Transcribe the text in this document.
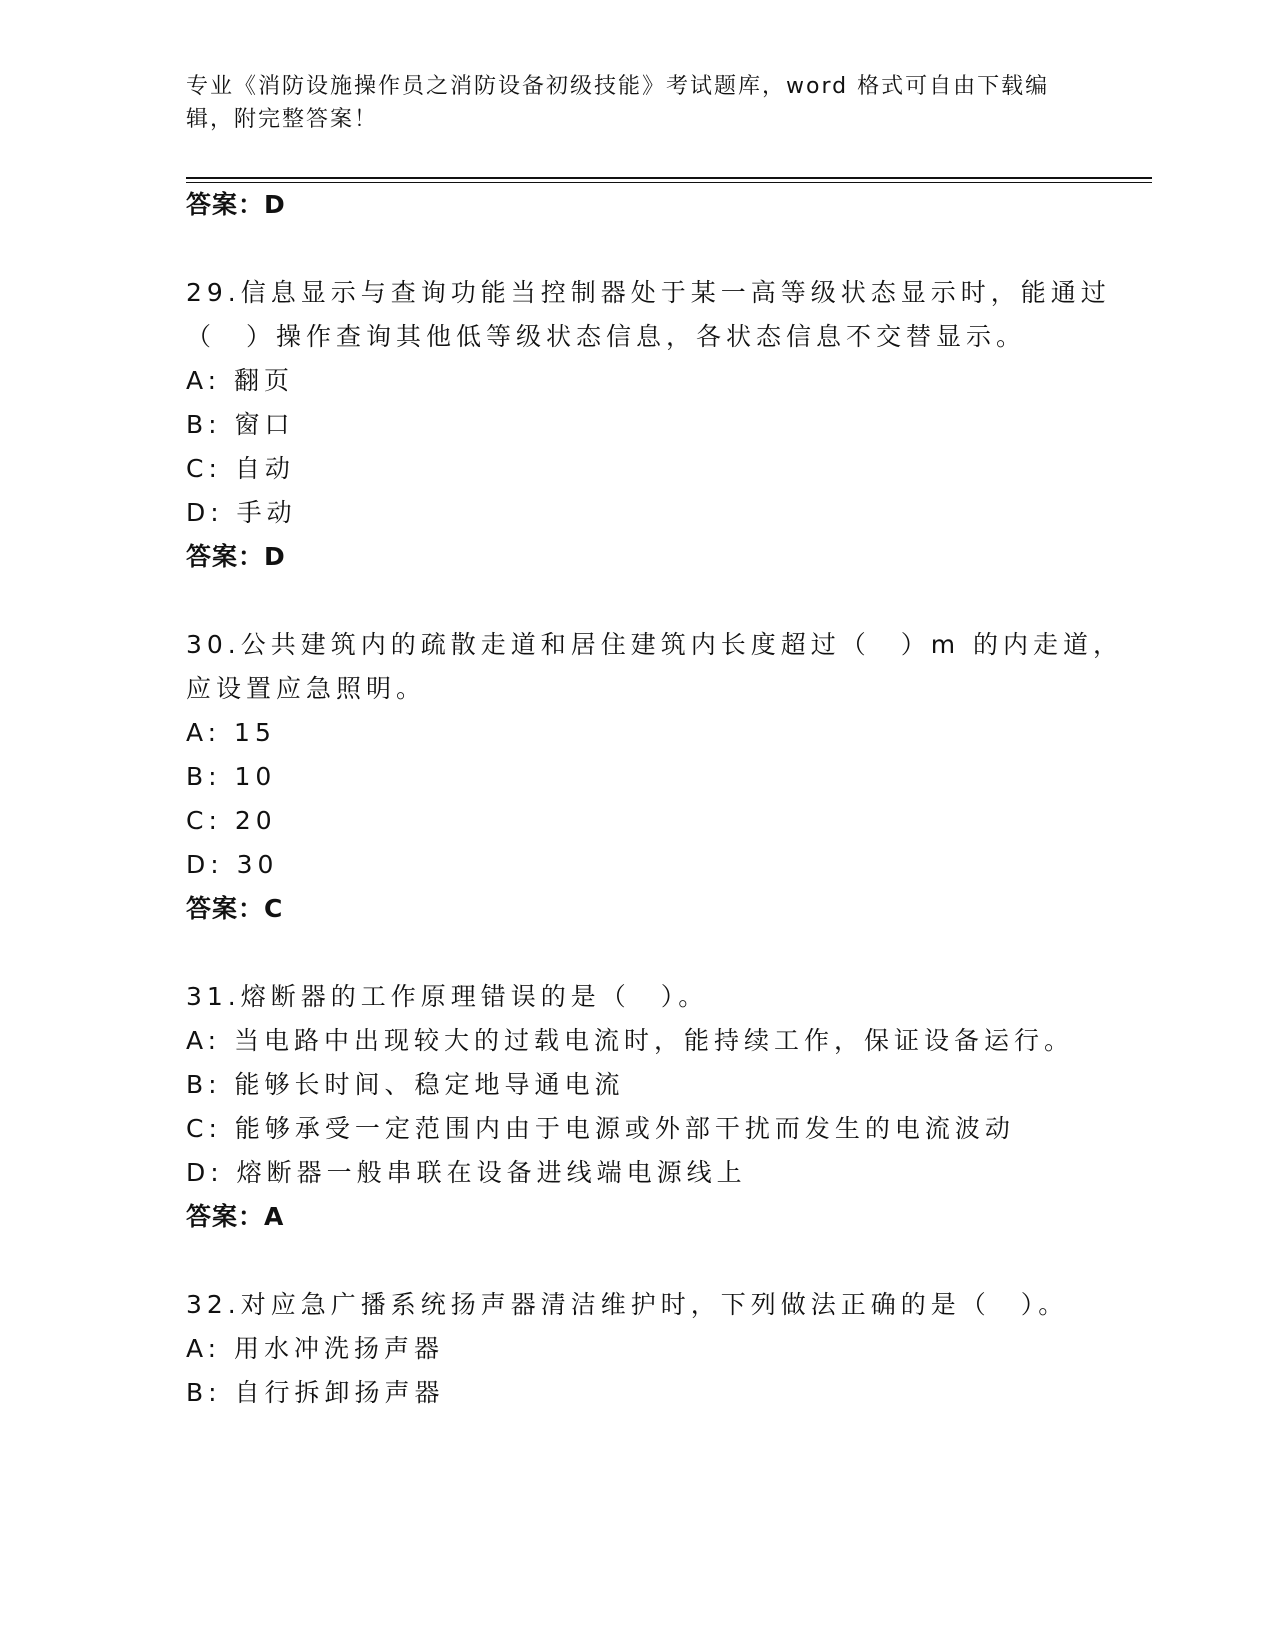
专业《消防设施操作员之消防设备初级技能》考试题库，word 格式可自由下载编
辑，附完整答案！
答案：D
29.信息显示与查询功能当控制器处于某一高等级状态显示时，能通过
（　）操作查询其他低等级状态信息，各状态信息不交替显示。
A: 翻页
B: 窗口
C: 自动
D: 手动
答案：D
30.公共建筑内的疏散走道和居住建筑内长度超过（　）m 的内走道，
应设置应急照明。
A: 15
B: 10
C: 20
D: 30
答案：C
31.熔断器的工作原理错误的是（　）。
A: 当电路中出现较大的过载电流时，能持续工作，保证设备运行。
B: 能够长时间、稳定地导通电流
C: 能够承受一定范围内由于电源或外部干扰而发生的电流波动
D: 熔断器一般串联在设备进线端电源线上
答案：A
32.对应急广播系统扬声器清洁维护时，下列做法正确的是（　）。
A: 用水冲洗扬声器
B: 自行拆卸扬声器
